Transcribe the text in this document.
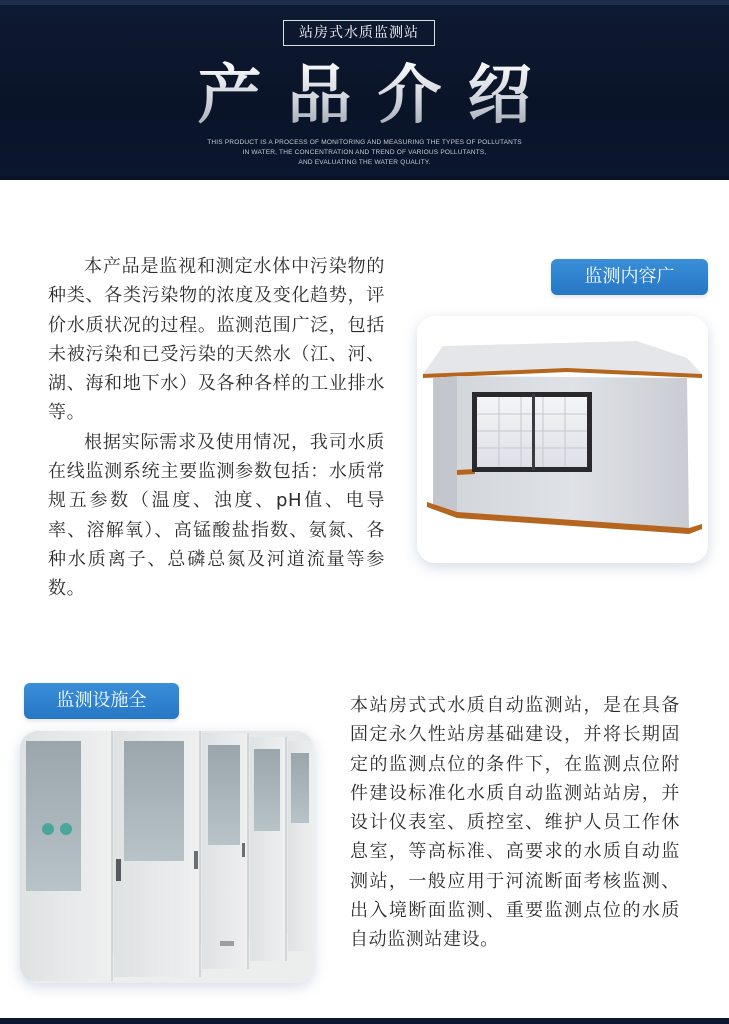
站房式水质监测站
产品介绍
THIS PRODUCT IS A PROCESS OF MONITORING AND MEASURING THE TYPES OF POLLUTANTS
IN WATER, THE CONCENTRATION AND TREND OF VARIOUS POLLUTANTS,
AND EVALUATING THE WATER QUALITY.

本产品是监视和测定水体中污染物的种类、各类污染物的浓度及变化趋势，评价水质状况的过程。监测范围广泛，包括未被污染和已受污染的天然水（江、河、湖、海和地下水）及各种各样的工业排水等。

根据实际需求及使用情况，我司水质在线监测系统主要监测参数包括：水质常规五参数（温度、浊度、pH值、电导率、溶解氧）、高锰酸盐指数、氨氮、各种水质离子、总磷总氮及河道流量等参数。

监测内容广
监测设施全	本站房式式水质自动监测站，是在具备固定永久性站房基础建设，并将长期固定的监测点位的条件下，在监测点位附件建设标准化水质自动监测站站房，并设计仪表室、质控室、维护人员工作休息室，等高标准、高要求的水质自动监测站，一般应用于河流断面考核监测、出入境断面监测、重要监测点位的水质自动监测站建设。
